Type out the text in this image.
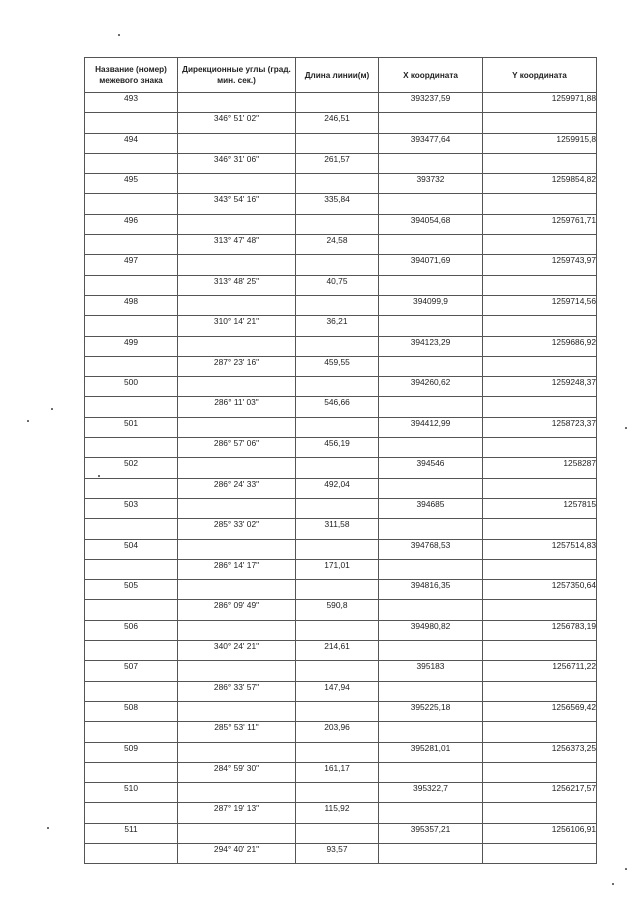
Название (номер) межевого знака	Дирекционные углы (град. мин. сек.)	Длина линии(м)	X координата	Y координата
493			393237,59	1259971,88
	346° 51' 02"	246,51		
494			393477,64	1259915,8
	346° 31' 06"	261,57		
495			393732	1259854,82
	343° 54' 16"	335,84		
496			394054,68	1259761,71
	313° 47' 48"	24,58		
497			394071,69	1259743,97
	313° 48' 25"	40,75		
498			394099,9	1259714,56
	310° 14' 21"	36,21		
499			394123,29	1259686,92
	287° 23' 16"	459,55		
500			394260,62	1259248,37
	286° 11' 03"	546,66		
501			394412,99	1258723,37
	286° 57' 06"	456,19		
502			394546	1258287
	286° 24' 33"	492,04		
503			394685	1257815
	285° 33' 02"	311,58		
504			394768,53	1257514,83
	286° 14' 17"	171,01		
505			394816,35	1257350,64
	286° 09' 49"	590,8		
506			394980,82	1256783,19
	340° 24' 21"	214,61		
507			395183	1256711,22
	286° 33' 57"	147,94		
508			395225,18	1256569,42
	285° 53' 11"	203,96		
509			395281,01	1256373,25
	284° 59' 30"	161,17		
510			395322,7	1256217,57
	287° 19' 13"	115,92		
511			395357,21	1256106,91
	294° 40' 21"	93,57		
